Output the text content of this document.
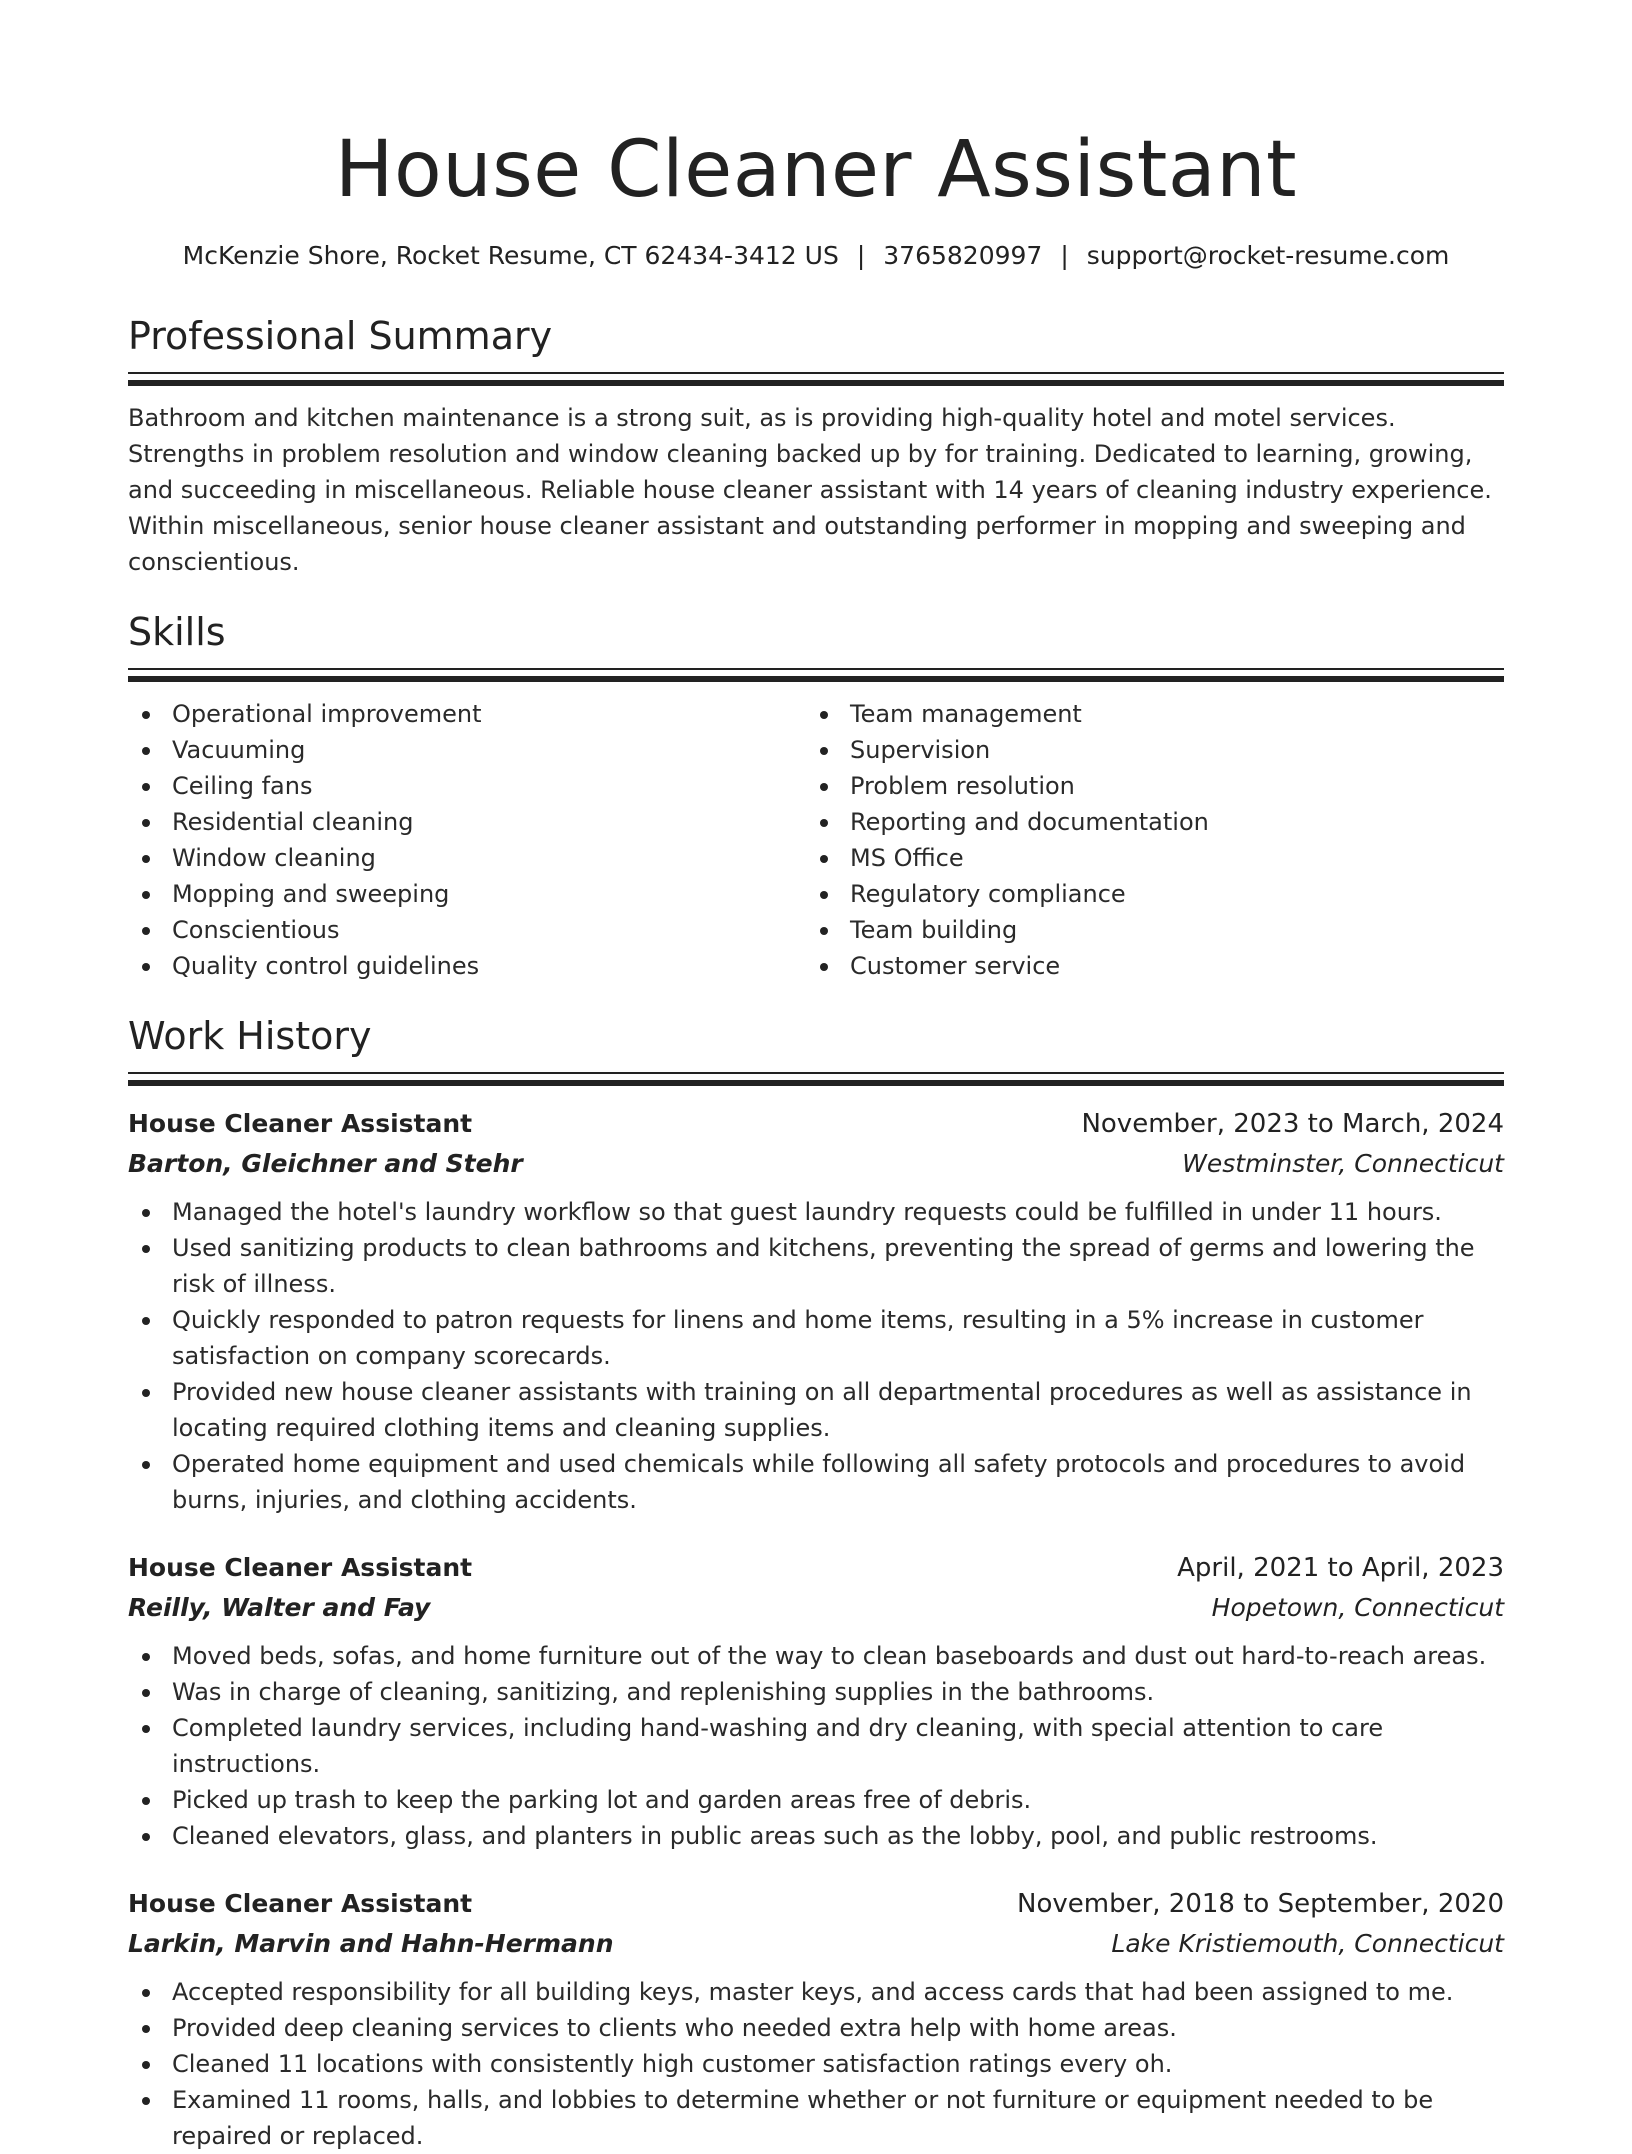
House Cleaner Assistant
McKenzie Shore, Rocket Resume, CT 62434-3412 US | 3765820997 | support@rocket-resume.com
Professional Summary
Bathroom and kitchen maintenance is a strong suit, as is providing high-quality hotel and motel services. Strengths in problem resolution and window cleaning backed up by for training. Dedicated to learning, growing, and succeeding in miscellaneous. Reliable house cleaner assistant with 14 years of cleaning industry experience. Within miscellaneous, senior house cleaner assistant and outstanding performer in mopping and sweeping and conscientious.
Skills
Operational improvement
Vacuuming
Ceiling fans
Residential cleaning
Window cleaning
Mopping and sweeping
Conscientious
Quality control guidelines
Team management
Supervision
Problem resolution
Reporting and documentation
MS Office
Regulatory compliance
Team building
Customer service
Work History
House Cleaner Assistant	November, 2023 to March, 2024
Barton, Gleichner and Stehr	Westminster, Connecticut
Managed the hotel's laundry workflow so that guest laundry requests could be fulfilled in under 11 hours.
Used sanitizing products to clean bathrooms and kitchens, preventing the spread of germs and lowering the risk of illness.
Quickly responded to patron requests for linens and home items, resulting in a 5% increase in customer satisfaction on company scorecards.
Provided new house cleaner assistants with training on all departmental procedures as well as assistance in locating required clothing items and cleaning supplies.
Operated home equipment and used chemicals while following all safety protocols and procedures to avoid burns, injuries, and clothing accidents.
House Cleaner Assistant	April, 2021 to April, 2023
Reilly, Walter and Fay	Hopetown, Connecticut
Moved beds, sofas, and home furniture out of the way to clean baseboards and dust out hard-to-reach areas.
Was in charge of cleaning, sanitizing, and replenishing supplies in the bathrooms.
Completed laundry services, including hand-washing and dry cleaning, with special attention to care instructions.
Picked up trash to keep the parking lot and garden areas free of debris.
Cleaned elevators, glass, and planters in public areas such as the lobby, pool, and public restrooms.
House Cleaner Assistant	November, 2018 to September, 2020
Larkin, Marvin and Hahn-Hermann	Lake Kristiemouth, Connecticut
Accepted responsibility for all building keys, master keys, and access cards that had been assigned to me.
Provided deep cleaning services to clients who needed extra help with home areas.
Cleaned 11 locations with consistently high customer satisfaction ratings every oh.
Examined 11 rooms, halls, and lobbies to determine whether or not furniture or equipment needed to be repaired or replaced.
